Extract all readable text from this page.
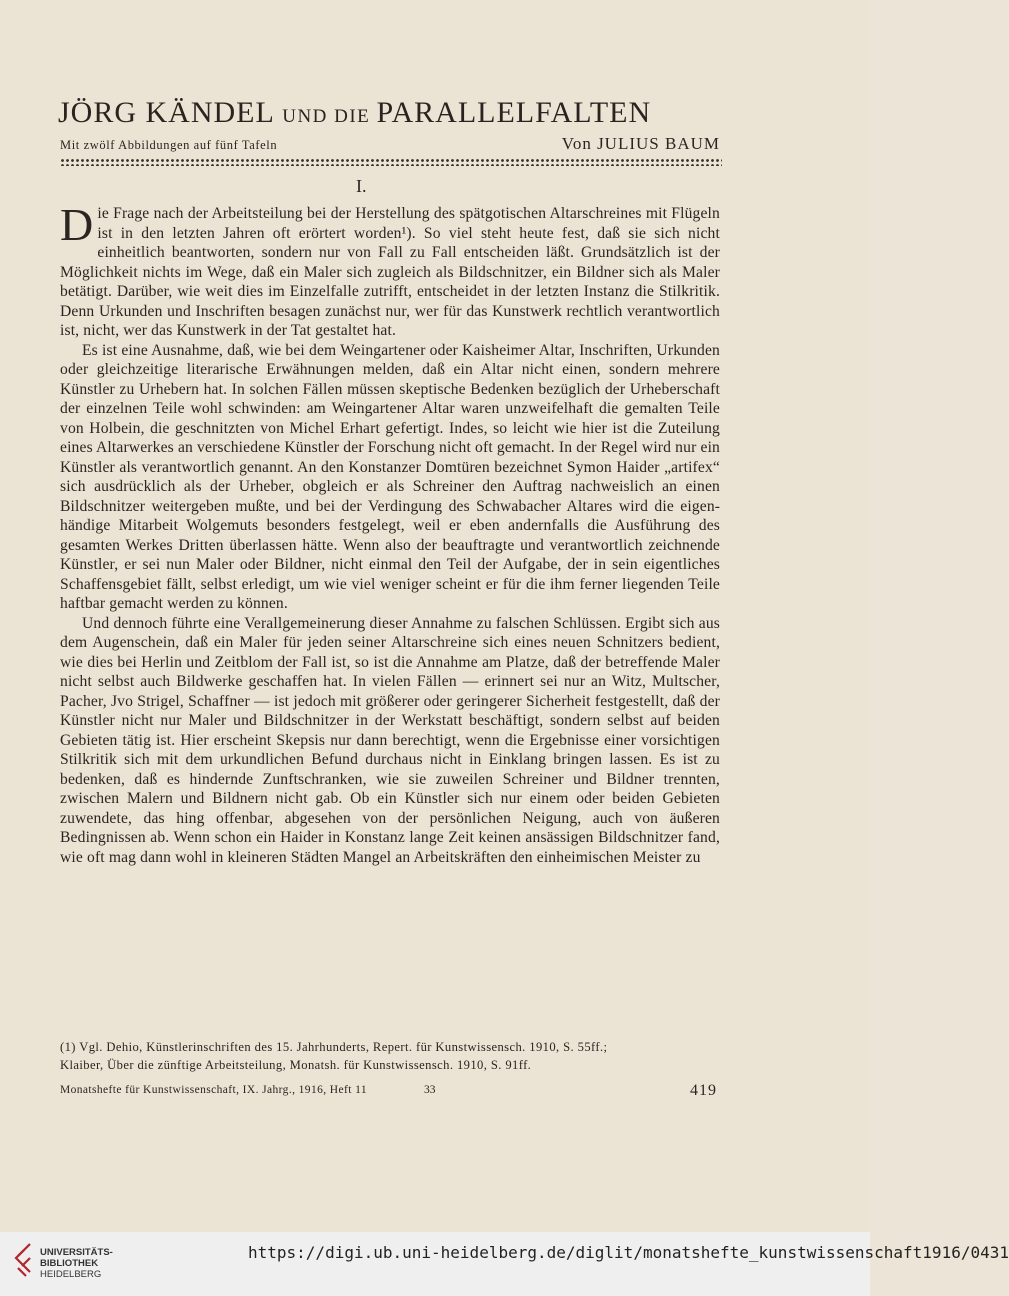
JÖRG KÄNDEL UND DIE PARALLELFALTEN
Mit zwölf Abbildungen auf fünf Tafeln	Von JULIUS BAUM
I.

Die Frage nach der Arbeitsteilung bei der Herstellung des spätgotischen Altarschreines mit Flügeln ist in den letzten Jahren oft erörtert worden¹). So viel steht heute fest, daß sie sich nicht einheitlich beantworten, sondern nur von Fall zu Fall entscheiden läßt. Grundsätzlich ist der Möglichkeit nichts im Wege, daß ein Maler sich zugleich als Bildschnitzer, ein Bildner sich als Maler betätigt. Darüber, wie weit dies im Einzelfalle zutrifft, entscheidet in der letzten Instanz die Stilkritik. Denn Urkunden und Inschriften besagen zunächst nur, wer für das Kunstwerk rechtlich verantwortlich ist, nicht, wer das Kunstwerk in der Tat gestaltet hat.

Es ist eine Ausnahme, daß, wie bei dem Weingartener oder Kaisheimer Altar, Inschriften, Urkunden oder gleichzeitige literarische Erwähnungen melden, daß ein Altar nicht einen, sondern mehrere Künstler zu Urhebern hat. In solchen Fällen müssen skeptische Bedenken bezüglich der Urheberschaft der einzelnen Teile wohl schwinden: am Weingartener Altar waren unzweifelhaft die gemalten Teile von Holbein, die geschnitzten von Michel Erhart gefertigt. Indes, so leicht wie hier ist die Zuteilung eines Altarwerkes an verschiedene Künstler der Forschung nicht oft gemacht. In der Regel wird nur ein Künstler als verantwortlich genannt. An den Konstanzer Domtüren bezeichnet Symon Haider „artifex“ sich ausdrücklich als der Urheber, obgleich er als Schreiner den Auftrag nachweislich an einen Bildschnitzer weitergeben mußte, und bei der Verdingung des Schwabacher Altares wird die eigenhändige Mitarbeit Wolgemuts besonders festgelegt, weil er eben andernfalls die Ausführung des gesamten Werkes Dritten überlassen hätte. Wenn also der beauftragte und verantwortlich zeichnende Künstler, er sei nun Maler oder Bildner, nicht einmal den Teil der Aufgabe, der in sein eigentliches Schaffensgebiet fällt, selbst erledigt, um wie viel weniger scheint er für die ihm ferner liegenden Teile haftbar gemacht werden zu können.

Und dennoch führte eine Verallgemeinerung dieser Annahme zu falschen Schlüssen. Ergibt sich aus dem Augenschein, daß ein Maler für jeden seiner Altarschreine sich eines neuen Schnitzers bedient, wie dies bei Herlin und Zeitblom der Fall ist, so ist die Annahme am Platze, daß der betreffende Maler nicht selbst auch Bildwerke geschaffen hat. In vielen Fällen — erinnert sei nur an Witz, Multscher, Pacher, Jvo Strigel, Schaffner — ist jedoch mit größerer oder geringerer Sicherheit festgestellt, daß der Künstler nicht nur Maler und Bildschnitzer in der Werkstatt beschäftigt, sondern selbst auf beiden Gebieten tätig ist. Hier erscheint Skepsis nur dann berechtigt, wenn die Ergebnisse einer vorsichtigen Stilkritik sich mit dem urkundlichen Befund durchaus nicht in Einklang bringen lassen. Es ist zu bedenken, daß es hindernde Zunftschranken, wie sie zuweilen Schreiner und Bildner trennten, zwischen Malern und Bildnern nicht gab. Ob ein Künstler sich nur einem oder beiden Gebieten zuwendete, das hing offenbar, abgesehen von der persönlichen Neigung, auch von äußeren Bedingnissen ab. Wenn schon ein Haider in Konstanz lange Zeit keinen ansässigen Bildschnitzer fand, wie oft mag dann wohl in kleineren Städten Mangel an Arbeitskräften den einheimischen Meister zu

(1) Vgl. Dehio, Künstlerinschriften des 15. Jahrhunderts, Repert. für Kunstwissensch. 1910, S. 55ff.;
Klaiber, Über die zünftige Arbeitsteilung, Monatsh. für Kunstwissensch. 1910, S. 91ff.
Monatshefte für Kunstwissenschaft, IX. Jahrg., 1916, Heft 11	33	419
UNIVERSITÄTS-
BIBLIOTHEK
HEIDELBERG
https://digi.ub.uni-heidelberg.de/diglit/monatshefte_kunstwissenschaft1916/0431
